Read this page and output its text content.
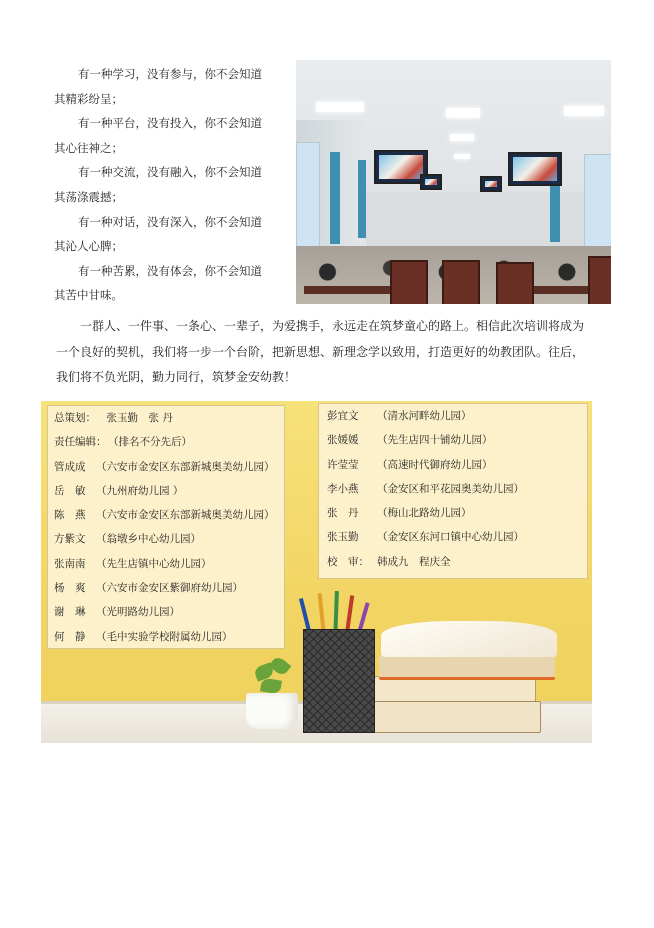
有一种学习，没有参与，你不会知道

其精彩纷呈；

有一种平台，没有投入，你不会知道

其心往神之；

有一种交流，没有融入，你不会知道

其荡涤震撼；

有一种对话，没有深入，你不会知道

其沁人心脾；

有一种苦累，没有体会，你不会知道

其苦中甘味。

一群人、一件事、一条心、一辈子，为爱携手，永远走在筑梦童心的路上。相信此次培训将成为

一个良好的契机，我们将一步一个台阶，把新思想、新理念学以致用，打造更好的幼教团队。往后，

我们将不负光阴，勤力同行，筑梦金安幼教！

总策划：　张玉勤　张 丹
责任编辑： （排名不分先后）
管成成 （六安市金安区东部新城奥美幼儿园）
岳　敏 （九州府幼儿园 ）
陈　燕 （六安市金安区东部新城奥美幼儿园）
方紫文 （翁墩乡中心幼儿园）
张南南 （先生店镇中心幼儿园）
杨　爽 （六安市金安区紫御府幼儿园）
谢　琳 （光明路幼儿园）
何　静 （毛中实验学校附属幼儿园）
彭宜文 （清水河畔幼儿园）
张媛媛 （先生店四十铺幼儿园）
许莹莹 （高速时代御府幼儿园）
李小燕 （金安区和平花园奥美幼儿园）
张　丹 （梅山北路幼儿园）
张玉勤 （金安区东河口镇中心幼儿园）
校　审： 韩成九　程庆全
